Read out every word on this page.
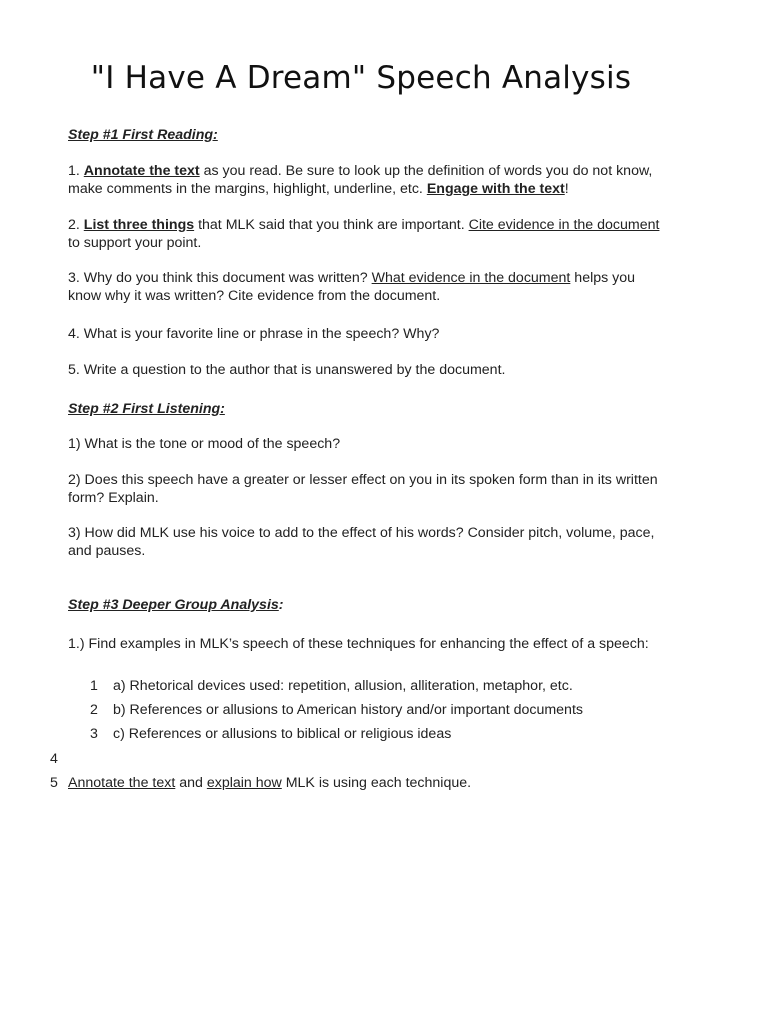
"I Have A Dream" Speech Analysis
Step #1 First Reading:
1. Annotate the text as you read. Be sure to look up the definition of words you do not know, make comments in the margins, highlight, underline, etc. Engage with the text!
2. List three things that MLK said that you think are important. Cite evidence in the document to support your point.
3. Why do you think this document was written? What evidence in the document helps you know why it was written? Cite evidence from the document.
4. What is your favorite line or phrase in the speech? Why?
5. Write a question to the author that is unanswered by the document.
Step #2 First Listening:
1) What is the tone or mood of the speech?
2) Does this speech have a greater or lesser effect on you in its spoken form than in its written form? Explain.
3) How did MLK use his voice to add to the effect of his words? Consider pitch, volume, pace, and pauses.
Step #3 Deeper Group Analysis:
1.) Find examples in MLK’s speech of these techniques for enhancing the effect of a speech:
1 a) Rhetorical devices used: repetition, allusion, alliteration, metaphor, etc.
2 b) References or allusions to American history and/or important documents
3 c) References or allusions to biblical or religious ideas
4
5 Annotate the text and explain how MLK is using each technique.
